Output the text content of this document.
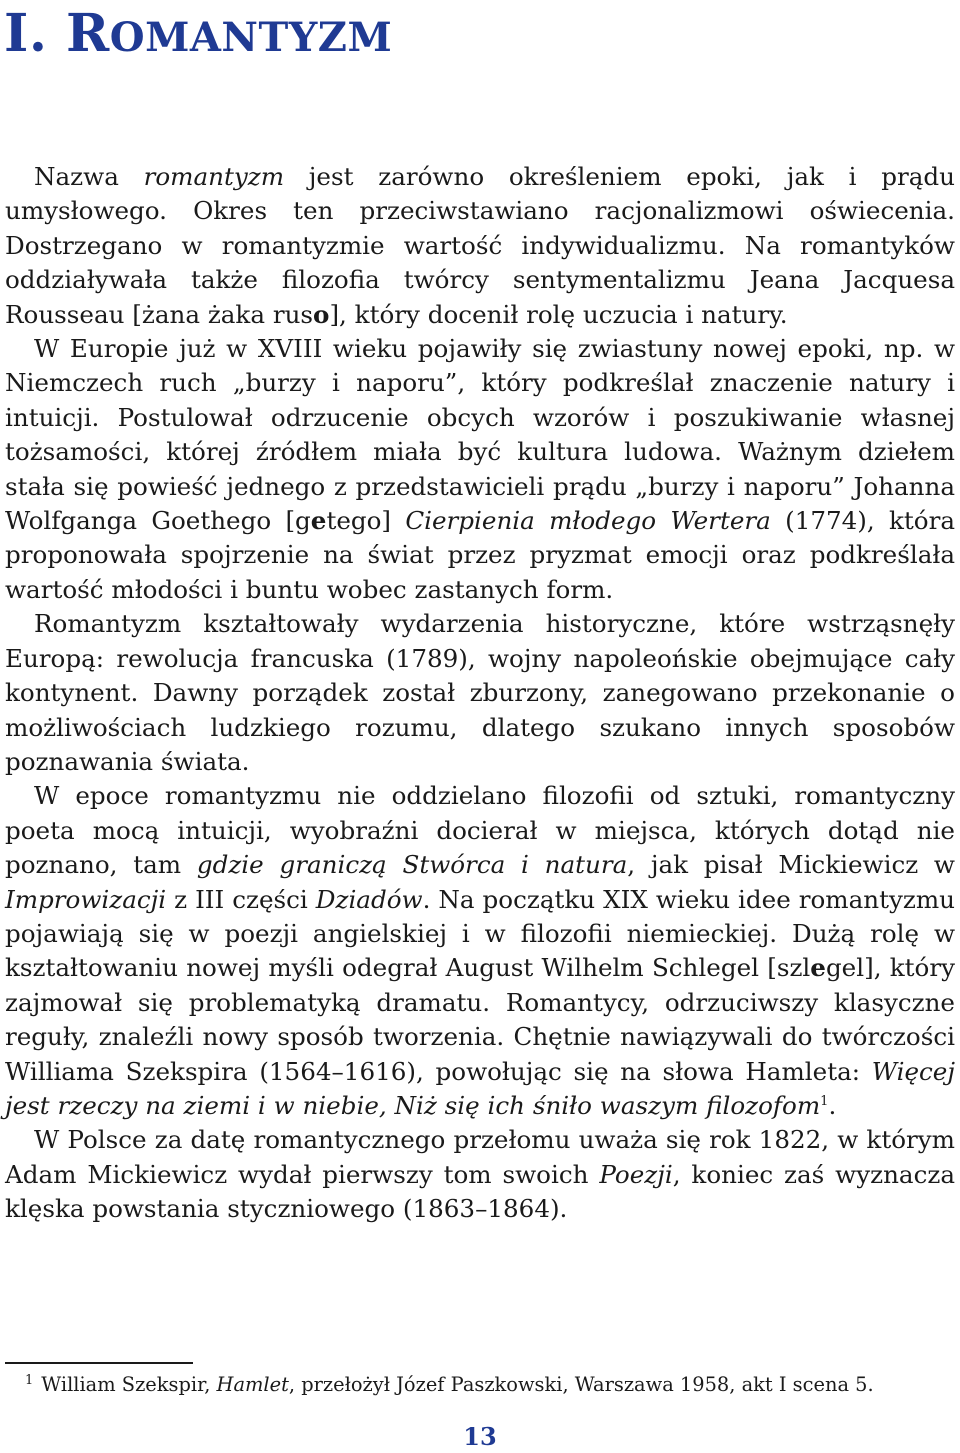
I. ROMANTYZM

Nazwa romantyzm jest zarówno określeniem epoki, jak i prądu umysłowego. Okres ten przeciwstawiano racjonalizmowi oświecenia. Dostrzegano w romantyzmie wartość indywidualizmu. Na romantyków oddziaływała także filozofia twórcy sentymentalizmu Jeana Jacquesa Rousseau [żana żaka ruso], który docenił rolę uczucia i natury.

W Europie już w XVIII wieku pojawiły się zwiastuny nowej epoki, np. w Niemczech ruch „burzy i naporu”, który podkreślał znaczenie natury i intuicji. Postulował odrzucenie obcych wzorów i poszukiwanie własnej tożsamości, której źródłem miała być kultura ludowa. Ważnym dziełem stała się powieść jednego z przedstawicieli prądu „burzy i naporu” Johanna Wolfganga Goethego [getego] Cierpienia młodego Wertera (1774), która proponowała spojrzenie na świat przez pryzmat emocji oraz podkreślała wartość młodości i buntu wobec zastanych form.

Romantyzm kształtowały wydarzenia historyczne, które wstrząsnęły Europą: rewolucja francuska (1789), wojny napoleońskie obejmujące cały kontynent. Dawny porządek został zburzony, zanegowano przekonanie o możliwościach ludzkiego rozumu, dlatego szukano innych sposobów poznawania świata.

W epoce romantyzmu nie oddzielano filozofii od sztuki, romantyczny poeta mocą intuicji, wyobraźni docierał w miejsca, których dotąd nie poznano, tam gdzie graniczą Stwórca i natura, jak pisał Mickiewicz w Improwizacji z III części Dziadów. Na początku XIX wieku idee romantyzmu pojawiają się w poezji angielskiej i w filozofii niemieckiej. Dużą rolę w kształtowaniu nowej myśli odegrał August Wilhelm Schlegel [szlegel], który zajmował się problematyką dramatu. Romantycy, odrzuciwszy klasyczne reguły, znaleźli nowy sposób tworzenia. Chętnie nawiązywali do twórczości Williama Szekspira (1564–1616), powołując się na słowa Hamleta: Więcej jest rzeczy na ziemi i w niebie, Niż się ich śniło waszym filozofom$^1$.

W Polsce za datę romantycznego przełomu uważa się rok 1822, w którym Adam Mickiewicz wydał pierwszy tom swoich Poezji, koniec zaś wyznacza klęska powstania styczniowego (1863–1864).

$^1$ William Szekspir, Hamlet, przełożył Józef Paszkowski, Warszawa 1958, akt I scena 5.
13
